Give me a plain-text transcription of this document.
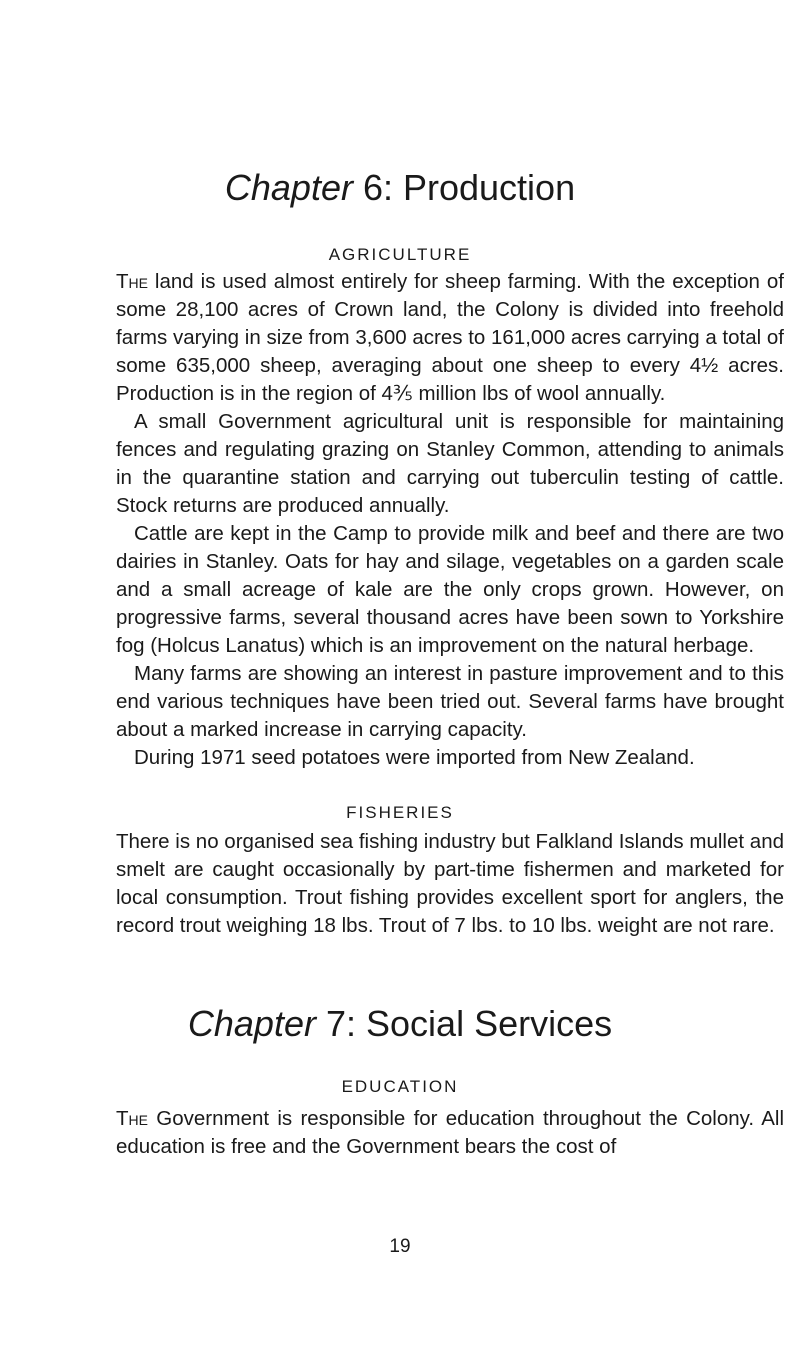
Chapter 6: Production
AGRICULTURE

The land is used almost entirely for sheep farming. With the exception of some 28,100 acres of Crown land, the Colony is divided into freehold farms varying in size from 3,600 acres to 161,000 acres carrying a total of some 635,000 sheep, averaging about one sheep to every 4½ acres. Production is in the region of 4⅗ million lbs of wool annually.

A small Government agricultural unit is responsible for maintaining fences and regulating grazing on Stanley Common, attending to animals in the quarantine station and carrying out tuberculin testing of cattle. Stock returns are produced annually.

Cattle are kept in the Camp to provide milk and beef and there are two dairies in Stanley. Oats for hay and silage, vegetables on a garden scale and a small acreage of kale are the only crops grown. However, on progressive farms, several thousand acres have been sown to Yorkshire fog (Holcus Lanatus) which is an improvement on the natural herbage.

Many farms are showing an interest in pasture improvement and to this end various techniques have been tried out. Several farms have brought about a marked increase in carrying capacity.

During 1971 seed potatoes were imported from New Zealand.

FISHERIES

There is no organised sea fishing industry but Falkland Islands mullet and smelt are caught occasionally by part-time fishermen and marketed for local consumption. Trout fishing provides excellent sport for anglers, the record trout weighing 18 lbs. Trout of 7 lbs. to 10 lbs. weight are not rare.

Chapter 7: Social Services
EDUCATION

The Government is responsible for education throughout the Colony. All education is free and the Government bears the cost of

19
